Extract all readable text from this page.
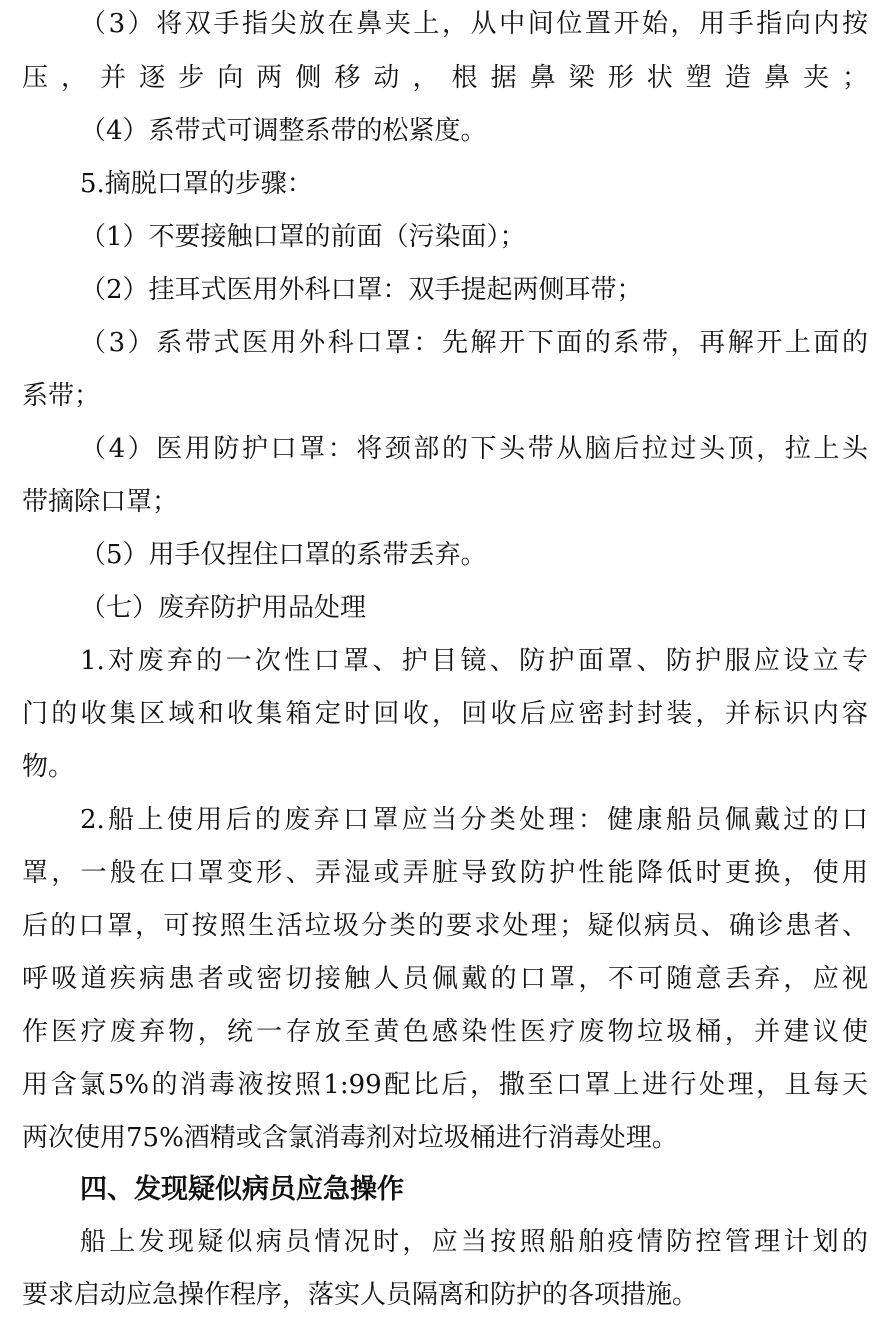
（3）将双手指尖放在鼻夹上，从中间位置开始，用手指向内按
压，并逐步向两侧移动，根据鼻梁形状塑造鼻夹；
（4）系带式可调整系带的松紧度。
5.摘脱口罩的步骤：
（1）不要接触口罩的前面（污染面）；
（2）挂耳式医用外科口罩：双手提起两侧耳带；
（3）系带式医用外科口罩：先解开下面的系带，再解开上面的
系带；
（4）医用防护口罩：将颈部的下头带从脑后拉过头顶，拉上头
带摘除口罩；
（5）用手仅捏住口罩的系带丢弃。
（七）废弃防护用品处理
1.对废弃的一次性口罩、护目镜、防护面罩、防护服应设立专
门的收集区域和收集箱定时回收，回收后应密封封装，并标识内容
物。
2.船上使用后的废弃口罩应当分类处理：健康船员佩戴过的口
罩，一般在口罩变形、弄湿或弄脏导致防护性能降低时更换，使用
后的口罩，可按照生活垃圾分类的要求处理；疑似病员、确诊患者、
呼吸道疾病患者或密切接触人员佩戴的口罩，不可随意丢弃，应视
作医疗废弃物，统一存放至黄色感染性医疗废物垃圾桶，并建议使
用含氯5%的消毒液按照1:99配比后，撒至口罩上进行处理，且每天
两次使用75%酒精或含氯消毒剂对垃圾桶进行消毒处理。
四、发现疑似病员应急操作
船上发现疑似病员情况时，应当按照船舶疫情防控管理计划的
要求启动应急操作程序，落实人员隔离和防护的各项措施。
